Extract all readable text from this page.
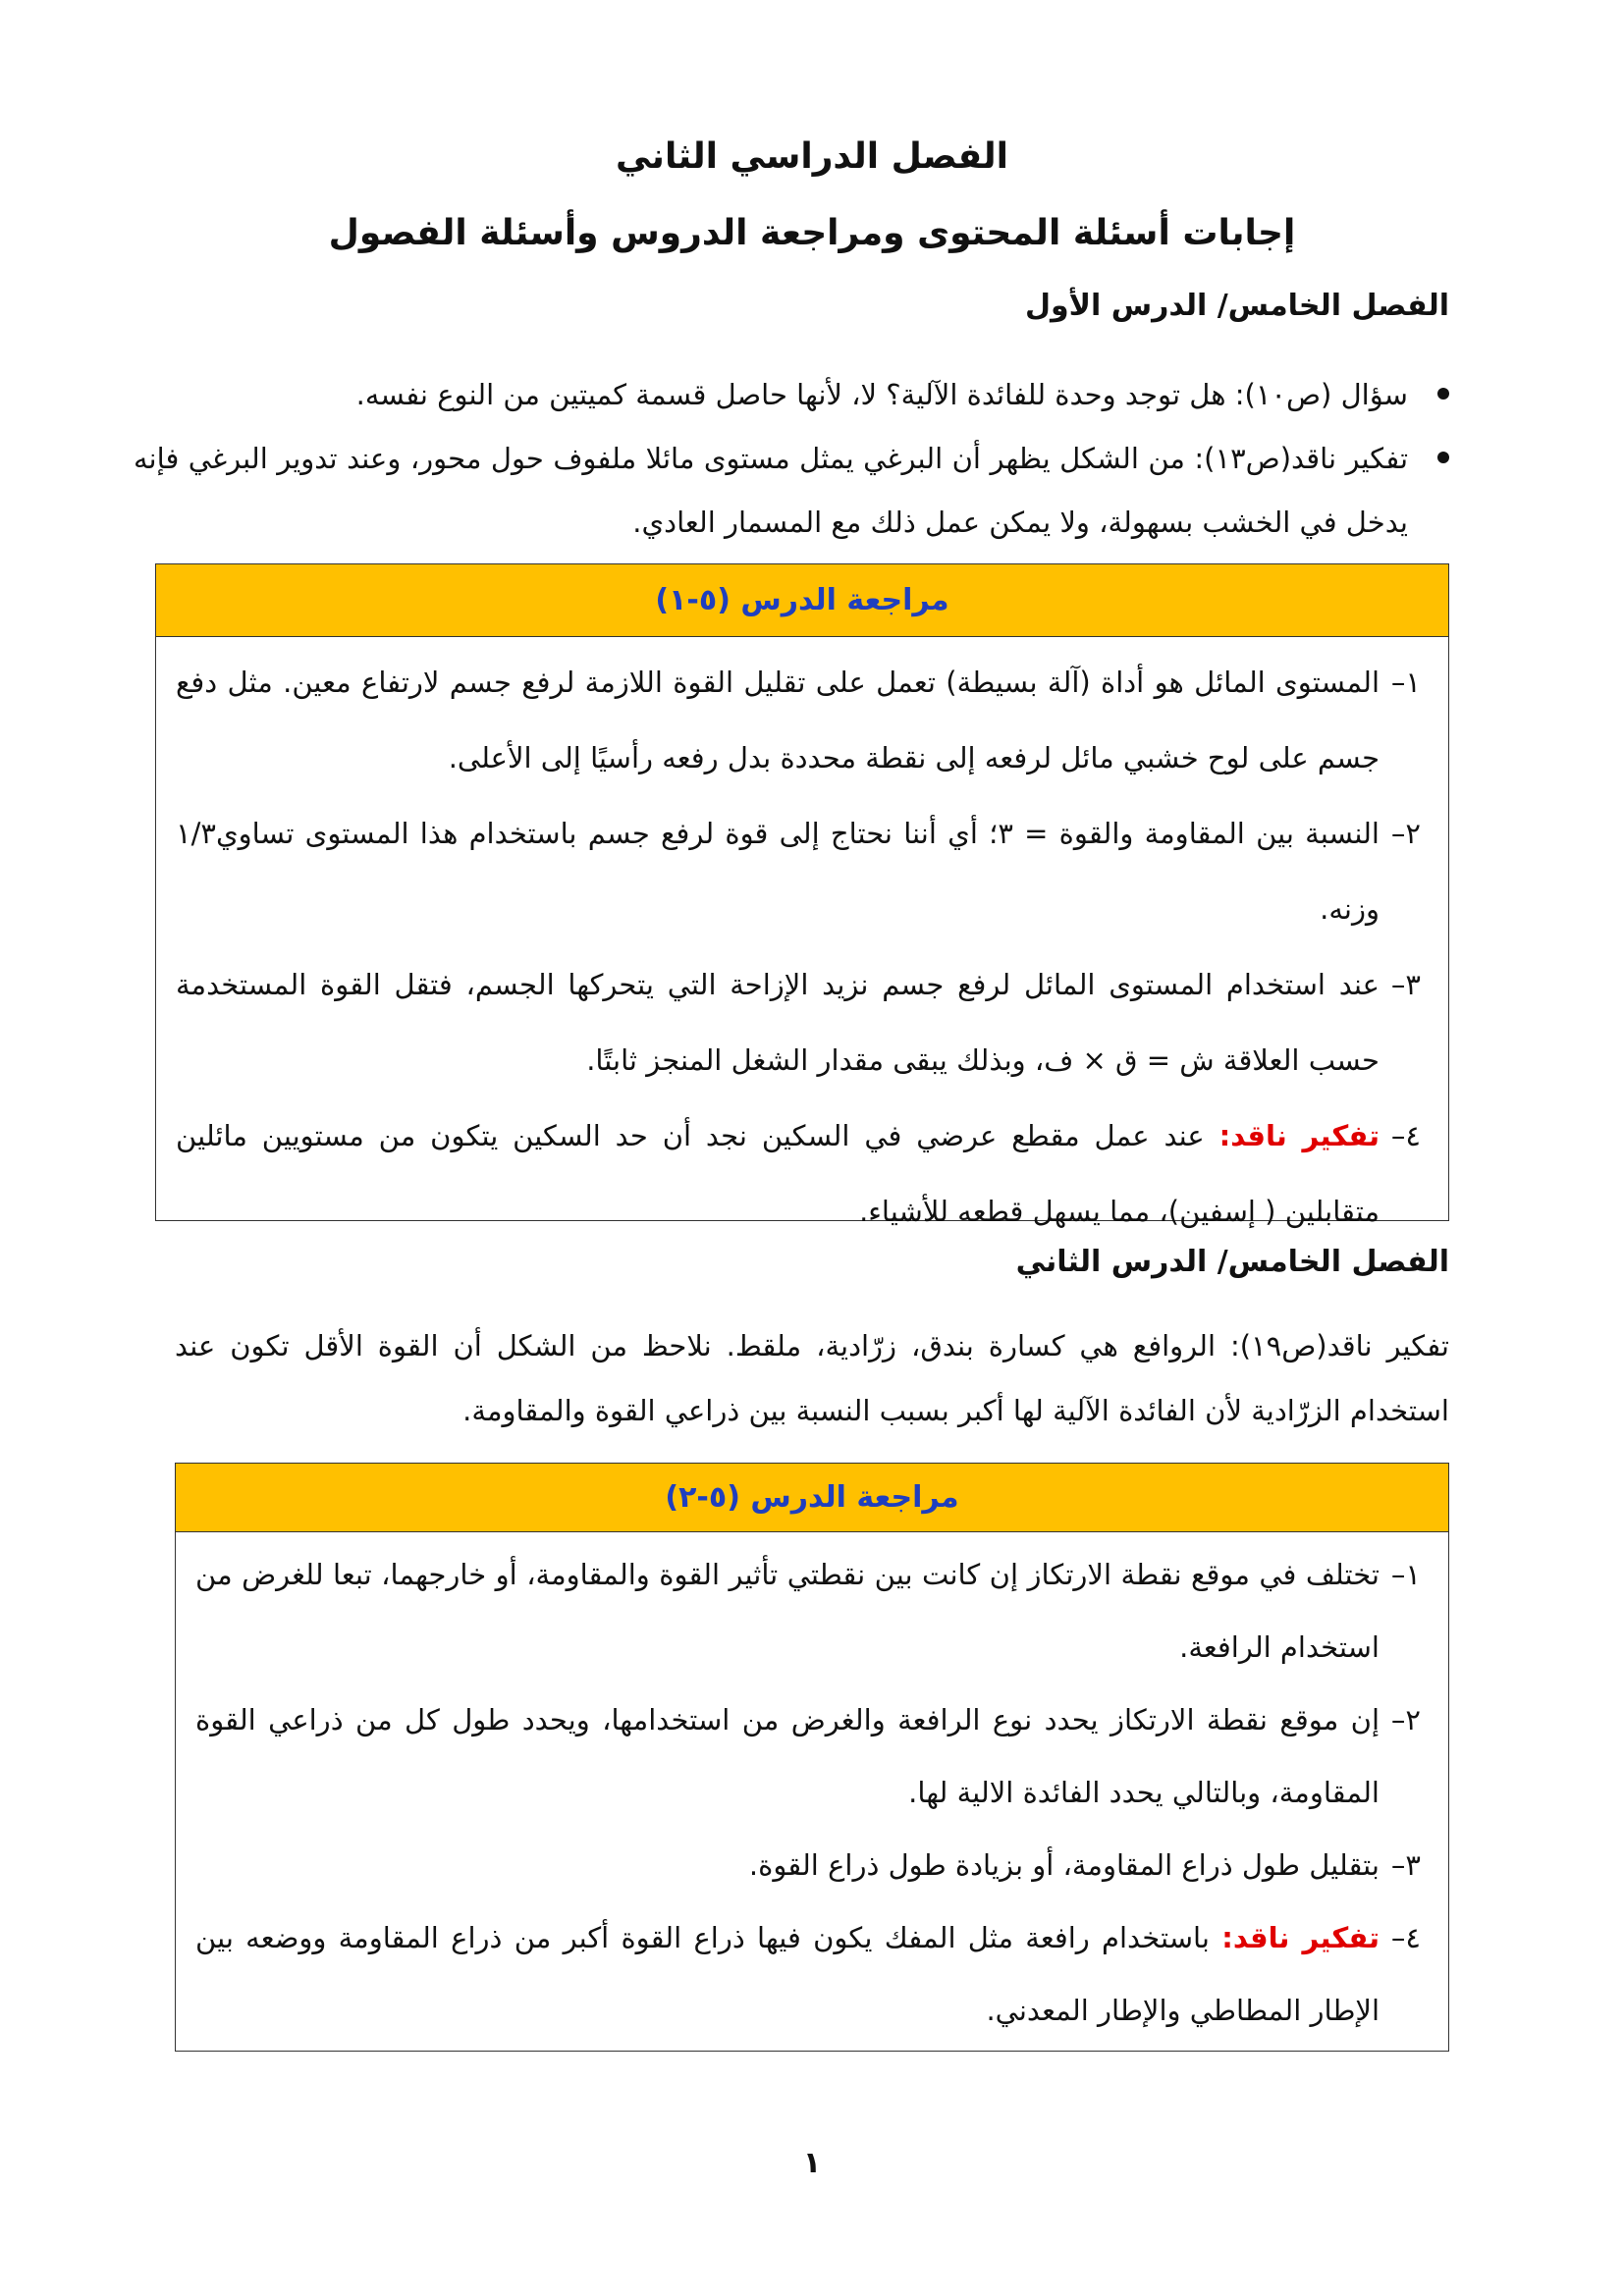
الفصل الدراسي الثاني
إجابات أسئلة المحتوى ومراجعة الدروس وأسئلة الفصول
الفصل الخامس/ الدرس الأول
سؤال (ص١٠): هل توجد وحدة للفائدة الآلية؟ لا، لأنها حاصل قسمة كميتين من النوع نفسه.
تفكير ناقد(ص١٣): من الشكل يظهر أن البرغي يمثل مستوى مائلا ملفوف حول محور، وعند تدوير البرغي فإنه يدخل في الخشب بسهولة، ولا يمكن عمل ذلك مع المسمار العادي.
مراجعة الدرس (٥-١)
١–
المستوى المائل هو أداة (آلة بسيطة) تعمل على تقليل القوة اللازمة لرفع جسم لارتفاع معين. مثل دفع جسم على لوح خشبي مائل لرفعه إلى نقطة محددة بدل رفعه رأسيًا إلى الأعلى.
٢–
النسبة بين المقاومة والقوة = ٣؛ أي أننا نحتاج إلى قوة لرفع جسم باستخدام هذا المستوى تساوي١/٣ وزنه.
٣–
عند استخدام المستوى المائل لرفع جسم نزيد الإزاحة التي يتحركها الجسم، فتقل القوة المستخدمة حسب العلاقة ش = ق × ف، وبذلك يبقى مقدار الشغل المنجز ثابتًا.
٤–
تفكير ناقد: عند عمل مقطع عرضي في السكين نجد أن حد السكين يتكون من مستويين مائلين متقابلين ( إسفين)، مما يسهل قطعه للأشياء.
الفصل الخامس/ الدرس الثاني

تفكير ناقد(ص١٩): الروافع هي كسارة بندق، زرّادية، ملقط. نلاحظ من الشكل أن القوة الأقل تكون عند استخدام الزرّادية لأن الفائدة الآلية لها أكبر بسبب النسبة بين ذراعي القوة والمقاومة.

مراجعة الدرس (٥-٢)
١–
تختلف في موقع نقطة الارتكاز إن كانت بين نقطتي تأثير القوة والمقاومة، أو خارجهما، تبعا للغرض من استخدام الرافعة.
٢–
إن موقع نقطة الارتكاز يحدد نوع الرافعة والغرض من استخدامها، ويحدد طول كل من ذراعي القوة المقاومة، وبالتالي يحدد الفائدة الالية لها.
٣–
بتقليل طول ذراع المقاومة، أو بزيادة طول ذراع القوة.
٤–
تفكير ناقد: باستخدام رافعة مثل المفك يكون فيها ذراع القوة أكبر من ذراع المقاومة ووضعه بين الإطار المطاطي والإطار المعدني.
١
